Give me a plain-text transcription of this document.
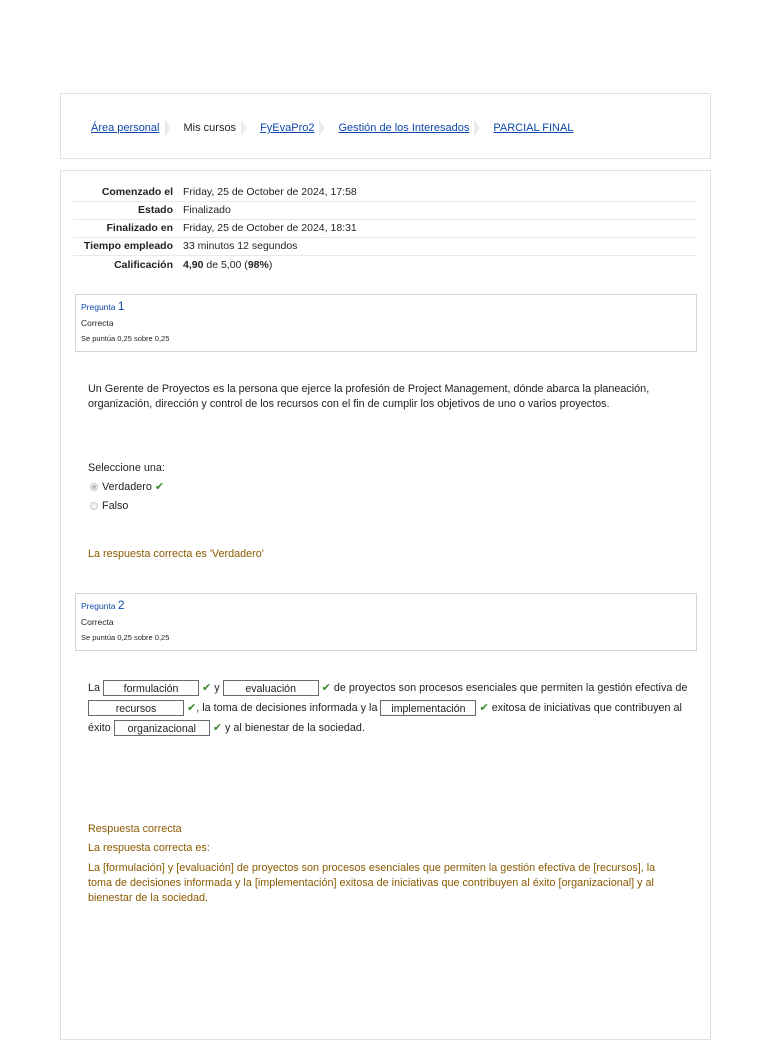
Área personal Mis cursos FyEvaPro2 Gestión de los Interesados PARCIAL FINAL
Comenzado el	Friday, 25 de October de 2024, 17:58
Estado	Finalizado
Finalizado en	Friday, 25 de October de 2024, 18:31
Tiempo empleado	33 minutos 12 segundos
Calificación	4,90 de 5,00 (98%)
Pregunta 1
Correcta
Se puntúa 0,25 sobre 0,25
Un Gerente de Proyectos es la persona que ejerce la profesión de Project Management, dónde abarca la planeación, organización, dirección y control de los recursos con el fin de cumplir los objetivos de uno o varios proyectos.
Seleccione una:
Verdadero ✔
Falso
La respuesta correcta es 'Verdadero'
Pregunta 2
Correcta
Se puntúa 0,25 sobre 0,25
La formulación ✔ y evaluación ✔ de proyectos son procesos esenciales que permiten la gestión efectiva de recursos	✔, la toma de decisiones informada y la implementación ✔ exitosa de iniciativas que contribuyen al éxito organizacional ✔ y al bienestar de la sociedad.
Respuesta correcta
La respuesta correcta es:
La [formulación] y [evaluación] de proyectos son procesos esenciales que permiten la gestión efectiva de [recursos], la toma de decisiones informada y la [implementación] exitosa de iniciativas que contribuyen al éxito [organizacional] y al bienestar de la sociedad.
